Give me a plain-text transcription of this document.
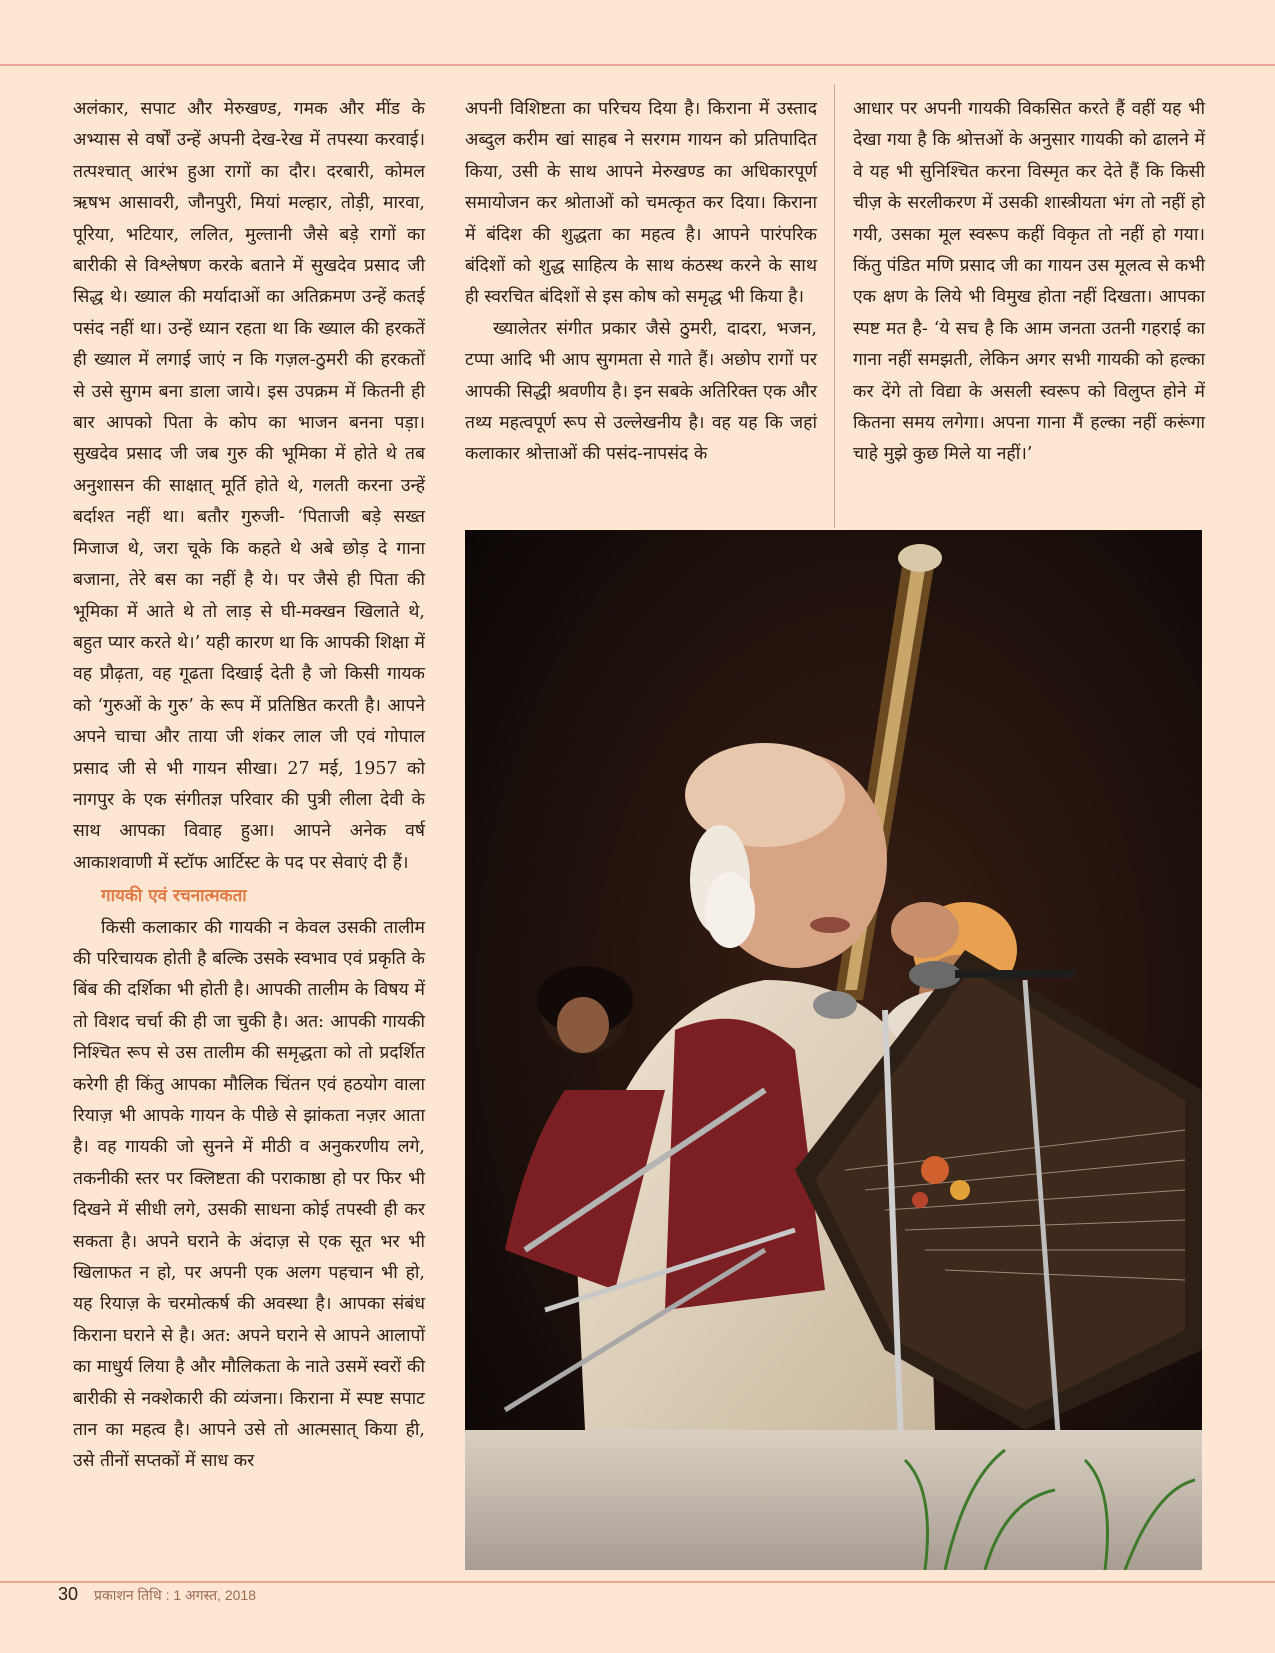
अलंकार, सपाट और मेरुखण्ड, गमक और मींड के अभ्यास से वर्षों उन्हें अपनी देख-रेख में तपस्या करवाई। तत्पश्चात् आरंभ हुआ रागों का दौर। दरबारी, कोमल ऋषभ आसावरी, जौनपुरी, मियां मल्हार, तोड़ी, मारवा, पूरिया, भटियार, ललित, मुल्तानी जैसे बड़े रागों का बारीकी से विश्लेषण करके बताने में सुखदेव प्रसाद जी सिद्ध थे। ख्याल की मर्यादाओं का अतिक्रमण उन्हें कतई पसंद नहीं था। उन्हें ध्यान रहता था कि ख्याल की हरकतें ही ख्याल में लगाई जाएं न कि गज़ल-ठुमरी की हरकतों से उसे सुगम बना डाला जाये। इस उपक्रम में कितनी ही बार आपको पिता के कोप का भाजन बनना पड़ा। सुखदेव प्रसाद जी जब गुरु की भूमिका में होते थे तब अनुशासन की साक्षात् मूर्ति होते थे, गलती करना उन्हें बर्दाश्त नहीं था। बतौर गुरुजी- ‘पिताजी बड़े सख्त मिजाज थे, जरा चूके कि कहते थे अबे छोड़ दे गाना बजाना, तेरे बस का नहीं है ये। पर जैसे ही पिता की भूमिका में आते थे तो लाड़ से घी-मक्खन खिलाते थे, बहुत प्यार करते थे।’ यही कारण था कि आपकी शिक्षा में वह प्रौढ़ता, वह गूढता दिखाई देती है जो किसी गायक को ‘गुरुओं के गुरु’ के रूप में प्रतिष्ठित करती है। आपने अपने चाचा और ताया जी शंकर लाल जी एवं गोपाल प्रसाद जी से भी गायन सीखा। 27 मई, 1957 को नागपुर के एक संगीतज्ञ परिवार की पुत्री लीला देवी के साथ आपका विवाह हुआ। आपने अनेक वर्ष आकाशवाणी में स्टॉफ आर्टिस्ट के पद पर सेवाएं दी हैं।

गायकी एवं रचनात्मकता

किसी कलाकार की गायकी न केवल उसकी तालीम की परिचायक होती है बल्कि उसके स्वभाव एवं प्रकृति के बिंब की दर्शिका भी होती है। आपकी तालीम के विषय में तो विशद चर्चा की ही जा चुकी है। अत: आपकी गायकी निश्चित रूप से उस तालीम की समृद्धता को तो प्रदर्शित करेगी ही किंतु आपका मौलिक चिंतन एवं हठयोग वाला रियाज़ भी आपके गायन के पीछे से झांकता नज़र आता है। वह गायकी जो सुनने में मीठी व अनुकरणीय लगे, तकनीकी स्तर पर क्लिष्टता की पराकाष्ठा हो पर फिर भी दिखने में सीधी लगे, उसकी साधना कोई तपस्वी ही कर सकता है। अपने घराने के अंदाज़ से एक सूत भर भी खिलाफत न हो, पर अपनी एक अलग पहचान भी हो, यह रियाज़ के चरमोत्कर्ष की अवस्था है। आपका संबंध किराना घराने से है। अत: अपने घराने से आपने आलापों का माधुर्य लिया है और मौलिकता के नाते उसमें स्वरों की बारीकी से नक्शेकारी की व्यंजना। किराना में स्पष्ट सपाट तान का महत्व है। आपने उसे तो आत्मसात् किया ही, उसे तीनों सप्तकों में साध कर

अपनी विशिष्टता का परिचय दिया है। किराना में उस्ताद अब्दुल करीम खां साहब ने सरगम गायन को प्रतिपादित किया, उसी के साथ आपने मेरुखण्ड का अधिकारपूर्ण समायोजन कर श्रोताओं को चमत्कृत कर दिया। किराना में बंदिश की शुद्धता का महत्व है। आपने पारंपरिक बंदिशों को शुद्ध साहित्य के साथ कंठस्थ करने के साथ ही स्वरचित बंदिशों से इस कोष को समृद्ध भी किया है।

ख्यालेतर संगीत प्रकार जैसे ठुमरी, दादरा, भजन, टप्पा आदि भी आप सुगमता से गाते हैं। अछोप रागों पर आपकी सिद्धी श्रवणीय है। इन सबके अतिरिक्त एक और तथ्य महत्वपूर्ण रूप से उल्लेखनीय है। वह यह कि जहां कलाकार श्रोत्ताओं की पसंद-नापसंद के

आधार पर अपनी गायकी विकसित करते हैं वहीं यह भी देखा गया है कि श्रोत्तओं के अनुसार गायकी को ढालने में वे यह भी सुनिश्चित करना विस्मृत कर देते हैं कि किसी चीज़ के सरलीकरण में उसकी शास्त्रीयता भंग तो नहीं हो गयी, उसका मूल स्वरूप कहीं विकृत तो नहीं हो गया। किंतु पंडित मणि प्रसाद जी का गायन उस मूलत्व से कभी एक क्षण के लिये भी विमुख होता नहीं दिखता। आपका स्पष्ट मत है- ‘ये सच है कि आम जनता उतनी गहराई का गाना नहीं समझती, लेकिन अगर सभी गायकी को हल्का कर देंगे तो विद्या के असली स्वरूप को विलुप्त होने में कितना समय लगेगा। अपना गाना मैं हल्का नहीं करूंगा चाहे मुझे कुछ मिले या नहीं।’

30 प्रकाशन तिथि : 1 अगस्त, 2018
